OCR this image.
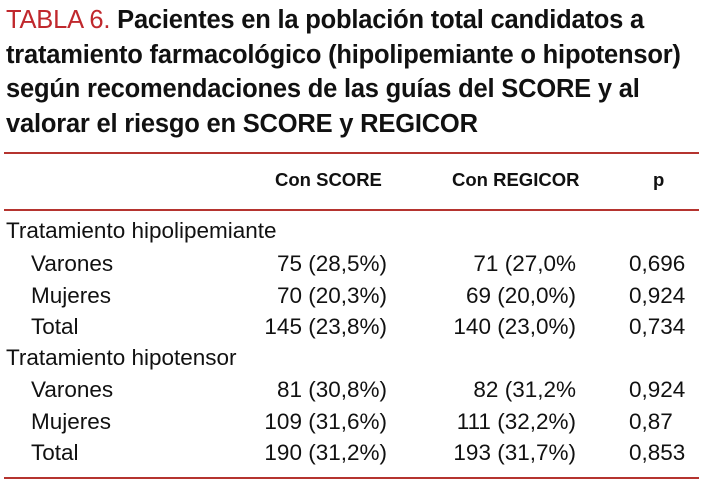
TABLA 6. Pacientes en la población total candidatos a tratamiento farmacológico (hipolipemiante o hipotensor) según recomendaciones de las guías del SCORE y al valorar el riesgo en SCORE y REGICOR
Con SCORE	Con REGICOR	p
Tratamiento hipolipemiante
Varones	75 (28,5%)	71 (27,0% 0,696
Mujeres	70 (20,3%)	69 (20,0%) 0,924
Total	145 (23,8%)	140 (23,0%) 0,734
Tratamiento hipotensor
Varones	81 (30,8%)	82 (31,2% 0,924
Mujeres	109 (31,6%)	111 (32,2%) 0,87
Total	190 (31,2%)	193 (31,7%) 0,853
